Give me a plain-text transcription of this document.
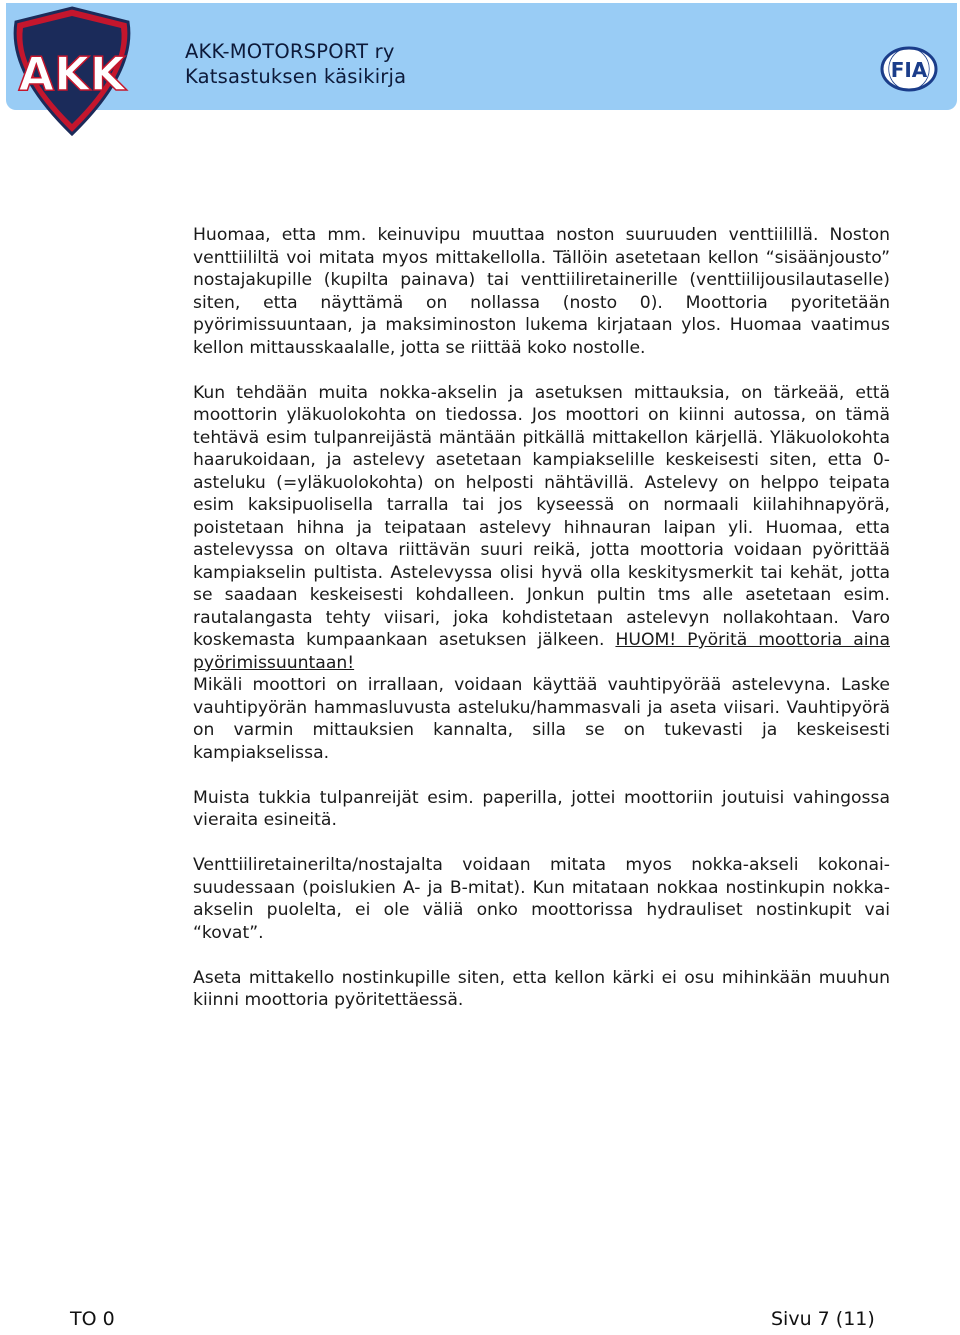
AKK-MOTORSPORT ry
Katsastuksen käsikirja
AKK	FIA
Huomaa, etta mm. keinuvipu muuttaa noston suuruuden venttiilillä. Noston venttiililtä voi mitata myos mittakellolla. Tällöin asetetaan kellon “sisäänjousto” nostajakupille (kupilta painava) tai venttiiliretainerille (venttiilijousilautaselle) siten, etta näyttämä on nollassa (nosto 0). Moottoria pyoritetään pyörimissuuntaan, ja maksiminoston lukema kirjataan ylos. Huomaa vaatimus kellon mittausskaalalle, jotta se riittää koko nostolle.
Kun tehdään muita nokka-akselin ja asetuksen mittauksia, on tärkeää, että moottorin yläkuolokohta on tiedossa. Jos moottori on kiinni autossa, on tämä tehtävä esim tulpanreijästä mäntään pitkällä mittakellon kärjellä. Yläkuolokohta haarukoidaan, ja astelevy asetetaan kampiakselille keskeisesti siten, etta 0-asteluku (=yläkuolokohta) on helposti nähtävillä. Astelevy on helppo teipata esim kaksipuolisella tarralla tai jos kyseessä on normaali kiilahihnapyörä, poistetaan hihna ja teipataan astelevy hihnauran laipan yli. Huomaa, etta astelevyssa on oltava riittävän suuri reikä, jotta moottoria voidaan pyörittää kampiakselin pultista. Astelevyssa olisi hyvä olla keskitysmerkit tai kehät, jotta se saadaan keskeisesti kohdalleen. Jonkun pultin tms alle asetetaan esim. rautalangasta tehty viisari, joka kohdistetaan astelevyn nollakohtaan. Varo koskemasta kumpaankaan asetuksen jälkeen. HUOM! Pyöritä moottoria aina pyörimissuuntaan!
Mikäli moottori on irrallaan, voidaan käyttää vauhtipyörää astelevyna. Laske vauhtipyörän hammasluvusta asteluku/hammasvali ja aseta viisari. Vauhtipyörä on varmin mittauksien kannalta, silla se on tukevasti ja keskeisesti kampiakselissa.
Muista tukkia tulpanreijät esim. paperilla, jottei moottoriin joutuisi vahingossa vieraita esineitä.
Venttiiliretainerilta/nostajalta voidaan mitata myos nokka-akseli kokonaisuudessaan (poislukien A- ja B-mitat). Kun mitataan nokkaa nostinkupin nokka-akselin puolelta, ei ole väliä onko moottorissa hydrauliset nostinkupit vai “kovat”.
Aseta mittakello nostinkupille siten, etta kellon kärki ei osu mihinkään muuhun kiinni moottoria pyöritettäessä.
TO 0	Sivu 7 (11)
